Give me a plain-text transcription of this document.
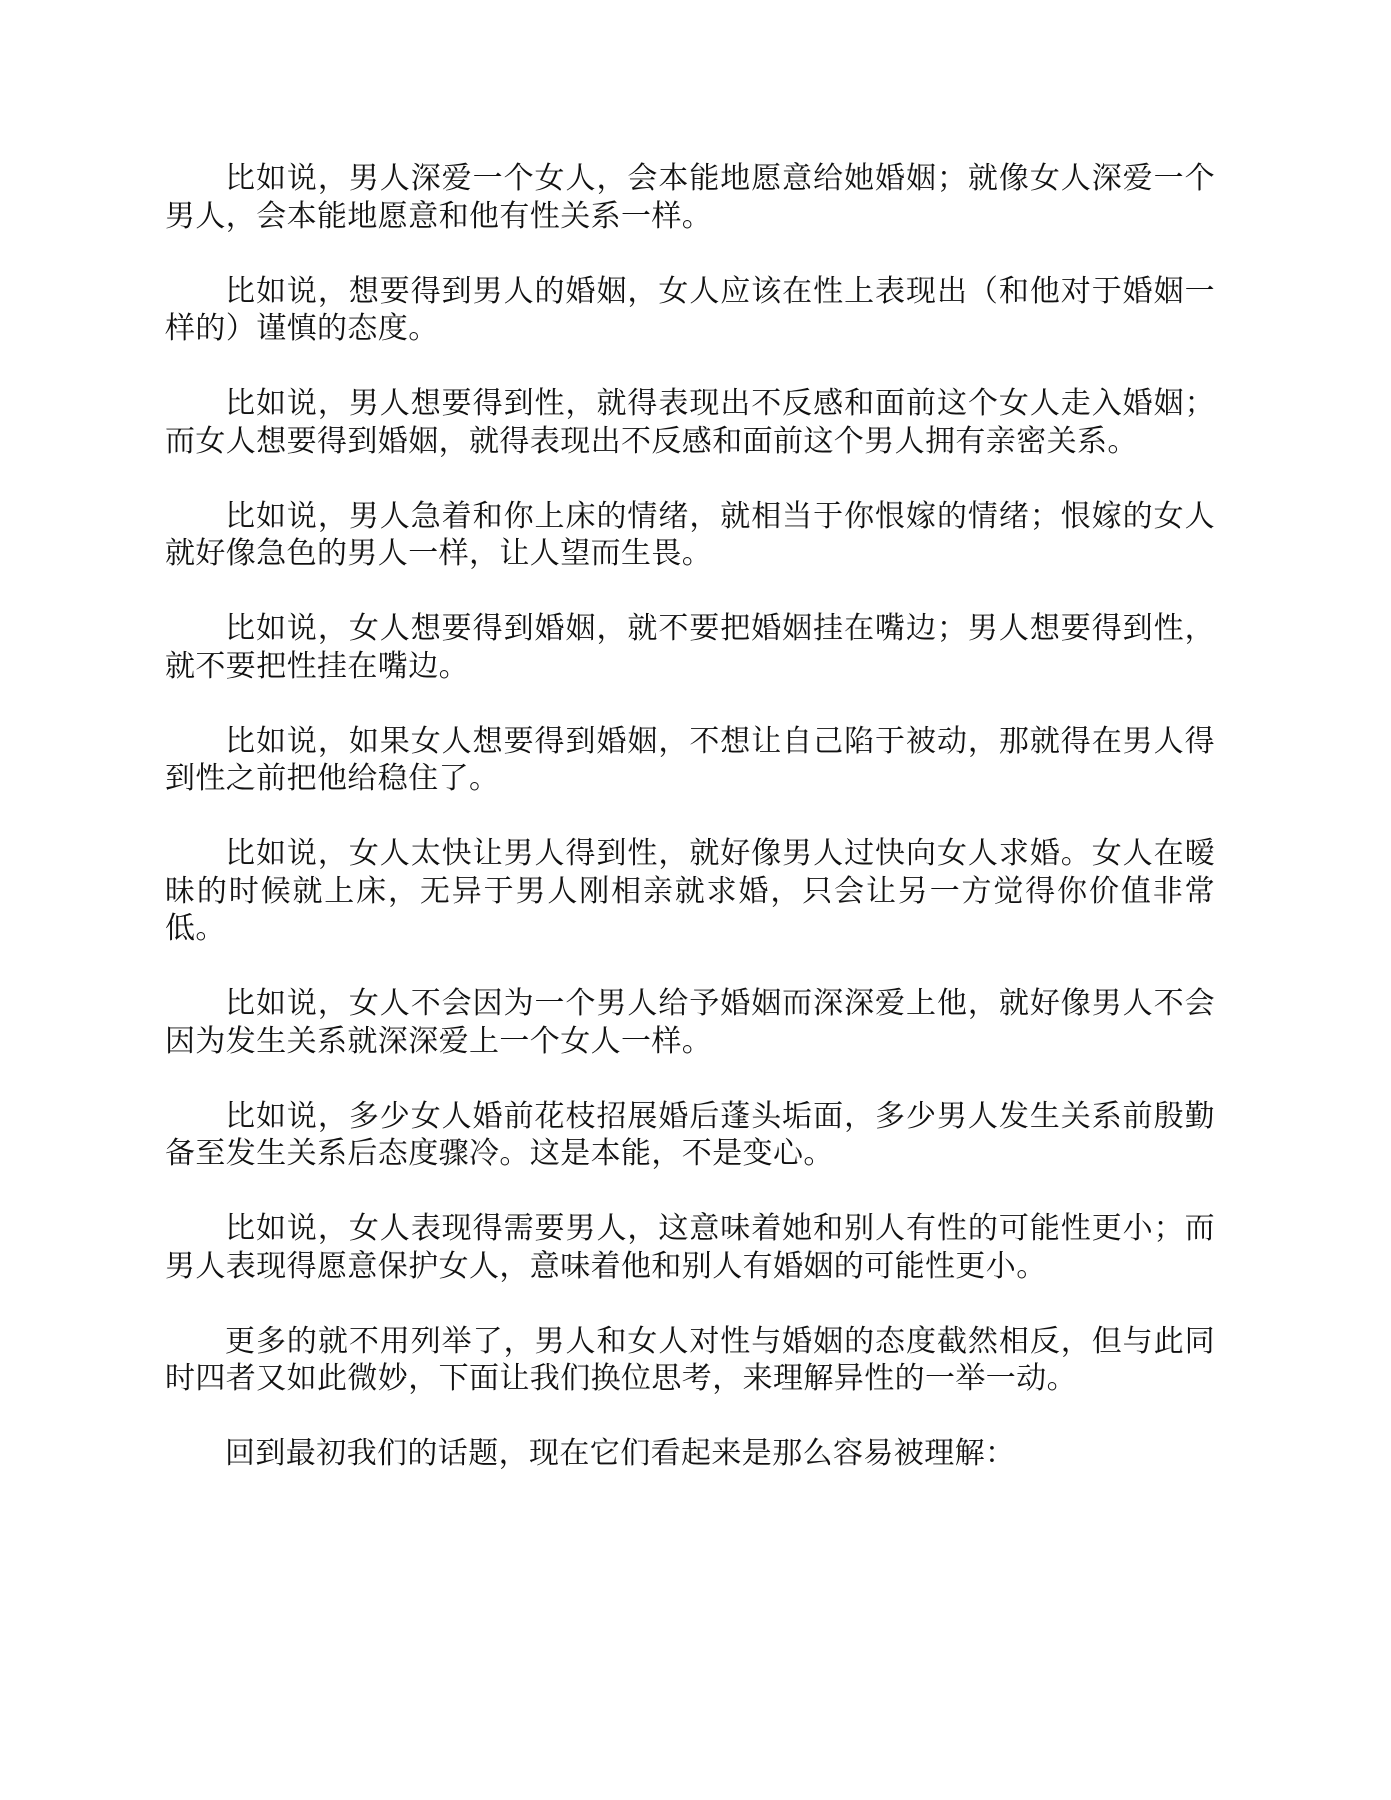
比如说，男人深爱一个女人，会本能地愿意给她婚姻；就像女人深爱一个男人，会本能地愿意和他有性关系一样。

比如说，想要得到男人的婚姻，女人应该在性上表现出（和他对于婚姻一样的）谨慎的态度。

比如说，男人想要得到性，就得表现出不反感和面前这个女人走入婚姻；而女人想要得到婚姻，就得表现出不反感和面前这个男人拥有亲密关系。

比如说，男人急着和你上床的情绪，就相当于你恨嫁的情绪；恨嫁的女人就好像急色的男人一样，让人望而生畏。

比如说，女人想要得到婚姻，就不要把婚姻挂在嘴边；男人想要得到性，就不要把性挂在嘴边。

比如说，如果女人想要得到婚姻，不想让自己陷于被动，那就得在男人得到性之前把他给稳住了。

比如说，女人太快让男人得到性，就好像男人过快向女人求婚。女人在暧昧的时候就上床，无异于男人刚相亲就求婚，只会让另一方觉得你价值非常低。

比如说，女人不会因为一个男人给予婚姻而深深爱上他，就好像男人不会因为发生关系就深深爱上一个女人一样。

比如说，多少女人婚前花枝招展婚后蓬头垢面，多少男人发生关系前殷勤备至发生关系后态度骤冷。这是本能，不是变心。

比如说，女人表现得需要男人，这意味着她和别人有性的可能性更小；而男人表现得愿意保护女人，意味着他和别人有婚姻的可能性更小。

更多的就不用列举了，男人和女人对性与婚姻的态度截然相反，但与此同时四者又如此微妙，下面让我们换位思考，来理解异性的一举一动。

回到最初我们的话题，现在它们看起来是那么容易被理解：
